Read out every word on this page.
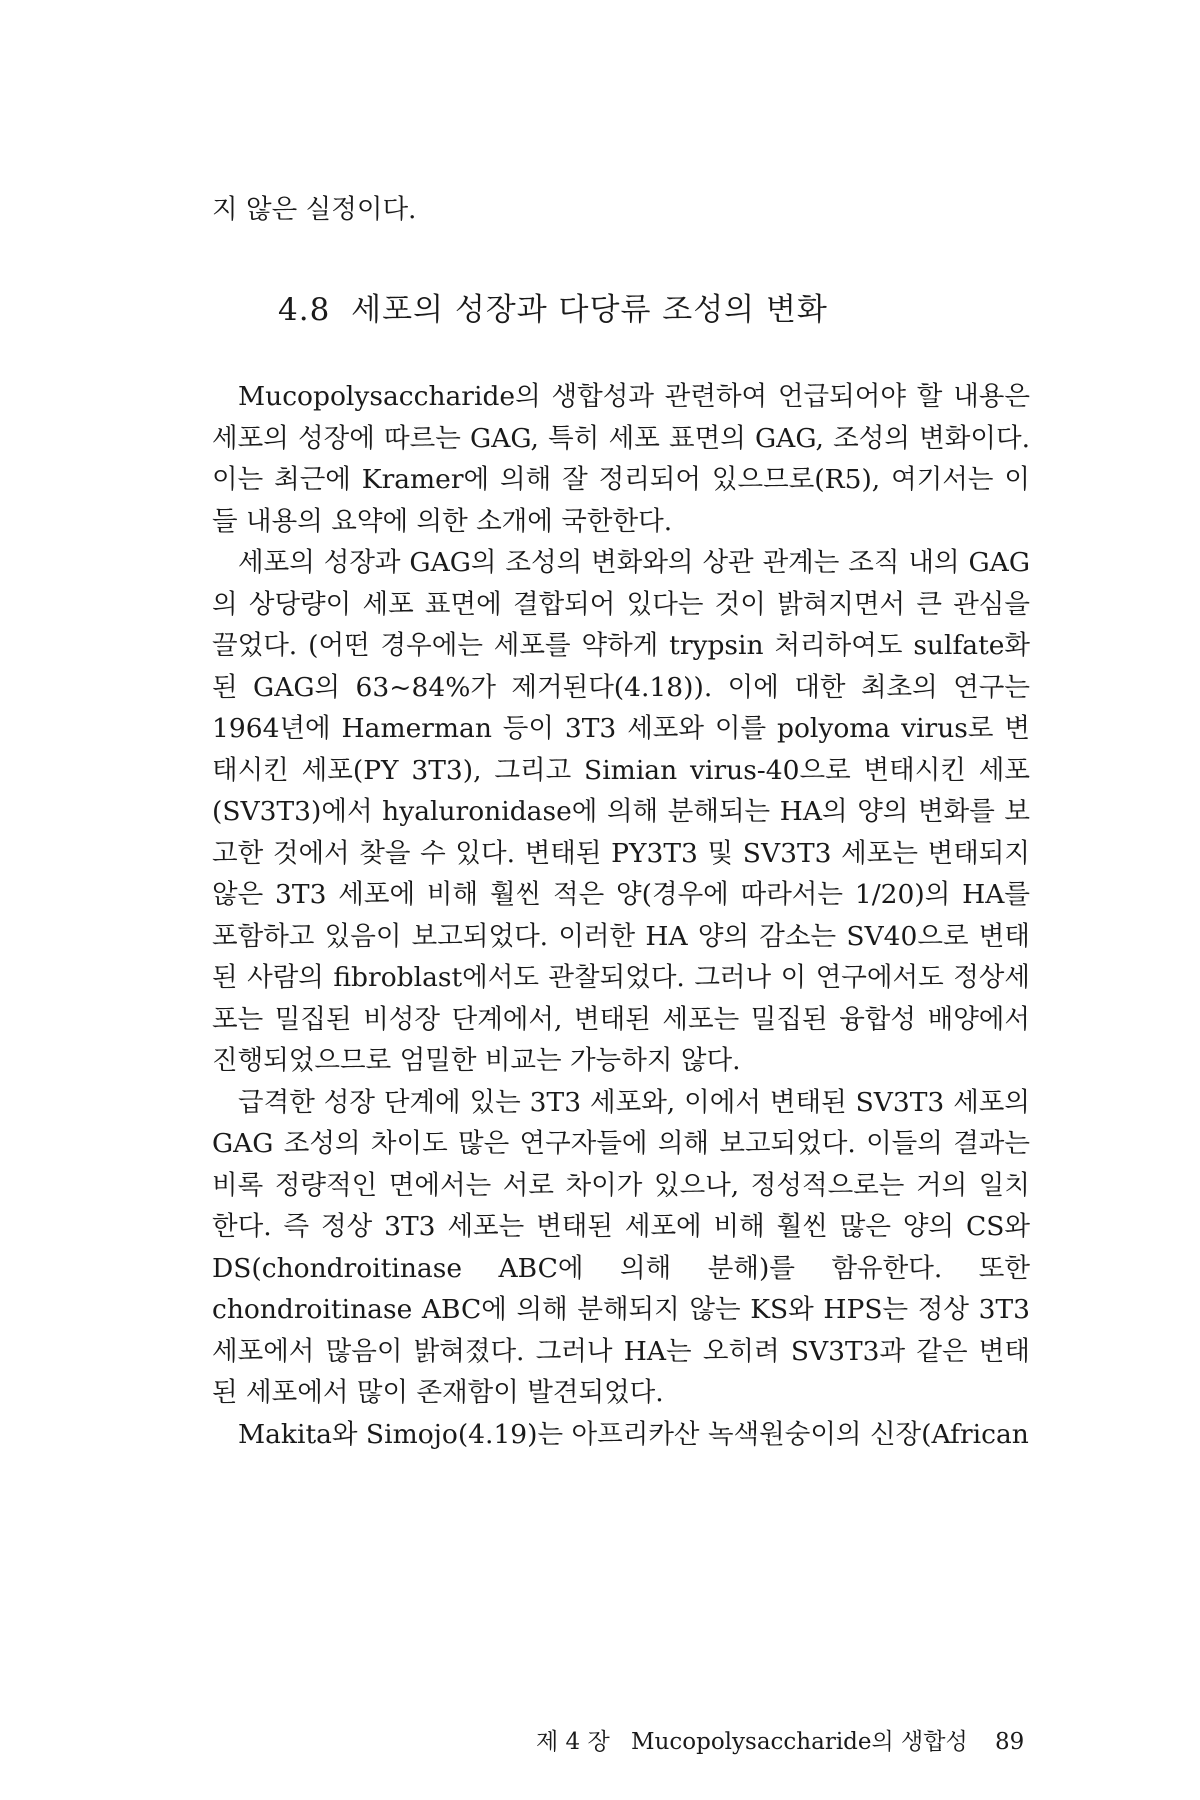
지 않은 실정이다.
4.8 세포의 성장과 다당류 조성의 변화

Mucopolysaccharide의 생합성과 관련하여 언급되어야 할 내용은 세포의 성장에 따르는 GAG, 특히 세포 표면의 GAG, 조성의 변화이다. 이는 최근에 Kramer에 의해 잘 정리되어 있으므로(R5), 여기서는 이들 내용의 요약에 의한 소개에 국한한다.

세포의 성장과 GAG의 조성의 변화와의 상관 관계는 조직 내의 GAG의 상당량이 세포 표면에 결합되어 있다는 것이 밝혀지면서 큰 관심을 끌었다. (어떤 경우에는 세포를 약하게 trypsin 처리하여도 sulfate화된 GAG의 63~84%가 제거된다(4.18)). 이에 대한 최초의 연구는 1964년에 Hamerman 등이 3T3 세포와 이를 polyoma virus로 변태시킨 세포(PY 3T3), 그리고 Simian virus-40으로 변태시킨 세포(SV3T3)에서 hyaluronidase에 의해 분해되는 HA의 양의 변화를 보고한 것에서 찾을 수 있다. 변태된 PY3T3 및 SV3T3 세포는 변태되지 않은 3T3 세포에 비해 훨씬 적은 양(경우에 따라서는 1/20)의 HA를 포함하고 있음이 보고되었다. 이러한 HA 양의 감소는 SV40으로 변태된 사람의 fibroblast에서도 관찰되었다. 그러나 이 연구에서도 정상세포는 밀집된 비성장 단계에서, 변태된 세포는 밀집된 융합성 배양에서 진행되었으므로 엄밀한 비교는 가능하지 않다.

급격한 성장 단계에 있는 3T3 세포와, 이에서 변태된 SV3T3 세포의 GAG 조성의 차이도 많은 연구자들에 의해 보고되었다. 이들의 결과는 비록 정량적인 면에서는 서로 차이가 있으나, 정성적으로는 거의 일치한다. 즉 정상 3T3 세포는 변태된 세포에 비해 훨씬 많은 양의 CS와 DS(chondroitinase ABC에 의해 분해)를 함유한다. 또한 chondroitinase ABC에 의해 분해되지 않는 KS와 HPS는 정상 3T3 세포에서 많음이 밝혀졌다. 그러나 HA는 오히려 SV3T3과 같은 변태된 세포에서 많이 존재함이 발견되었다.

Makita와 Simojo(4.19)는 아프리카산 녹색원숭이의 신장(African

제 4 장 Mucopolysaccharide의 생합성 89
